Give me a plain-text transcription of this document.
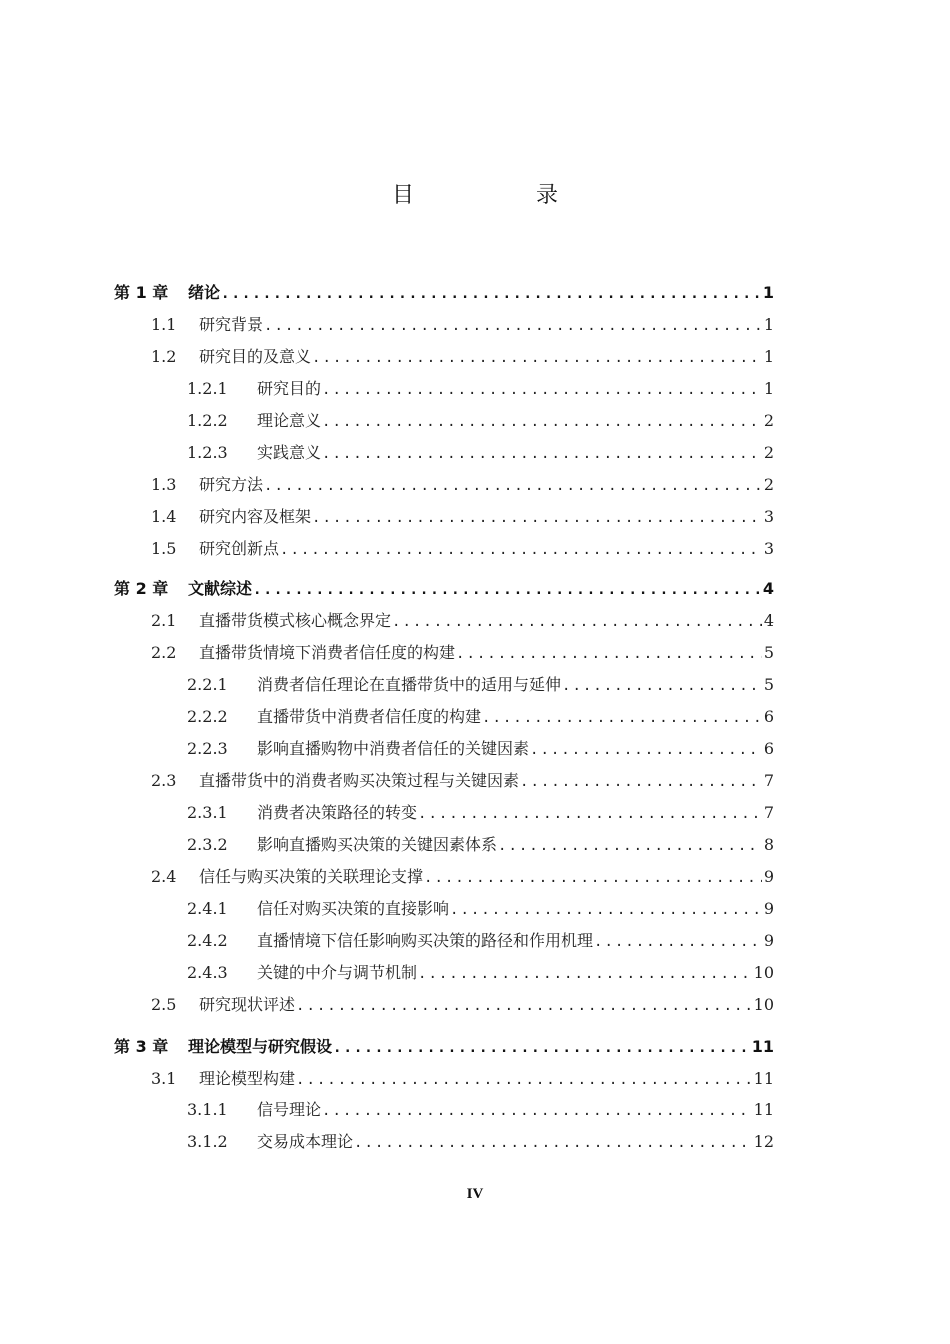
目　录
第 1 章	绪论 .....	1
1.1	研究背景 .....	1
1.2	研究目的及意义 .....	1
1.2.1	研究目的 .....	1
1.2.2	理论意义 .....	2
1.2.3	实践意义 .....	2
1.3	研究方法 .....	2
1.4	研究内容及框架 .....	3
1.5	研究创新点 .....	3
第 2 章	文献综述 .....	4
2.1	直播带货模式核心概念界定 .....	4
2.2	直播带货情境下消费者信任度的构建 .....	5
2.2.1	消费者信任理论在直播带货中的适用与延伸 .....	5
2.2.2	直播带货中消费者信任度的构建 .....	6
2.2.3	影响直播购物中消费者信任的关键因素 .....	6
2.3	直播带货中的消费者购买决策过程与关键因素 .....	7
2.3.1	消费者决策路径的转变 .....	7
2.3.2	影响直播购买决策的关键因素体系 .....	8
2.4	信任与购买决策的关联理论支撑 .....	9
2.4.1	信任对购买决策的直接影响 .....	9
2.4.2	直播情境下信任影响购买决策的路径和作用机理 .....	9
2.4.3	关键的中介与调节机制 .....	10
2.5	研究现状评述 .....	10
第 3 章	理论模型与研究假设 .....	11
3.1	理论模型构建 .....	11
3.1.1	信号理论 .....	11
3.1.2	交易成本理论 .....	12
IV
